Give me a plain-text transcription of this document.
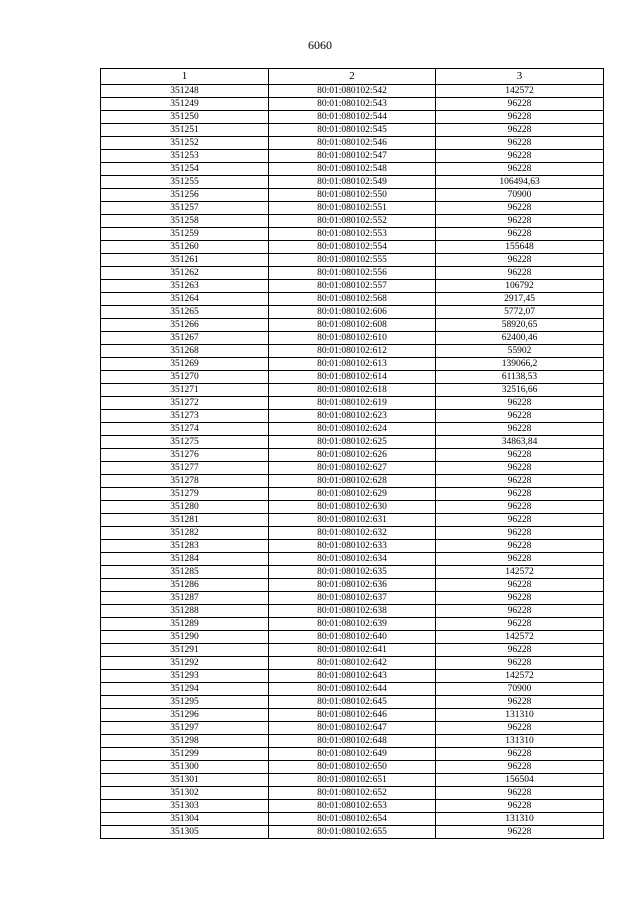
6060
1	2	3
351248	80:01:080102:542	142572
351249	80:01:080102:543	96228
351250	80:01:080102:544	96228
351251	80:01:080102:545	96228
351252	80:01:080102:546	96228
351253	80:01:080102:547	96228
351254	80:01:080102:548	96228
351255	80:01:080102:549	106494,63
351256	80:01:080102:550	70900
351257	80:01:080102:551	96228
351258	80:01:080102:552	96228
351259	80:01:080102:553	96228
351260	80:01:080102:554	155648
351261	80:01:080102:555	96228
351262	80:01:080102:556	96228
351263	80:01:080102:557	106792
351264	80:01:080102:568	2917,45
351265	80:01:080102:606	5772,07
351266	80:01:080102:608	58920,65
351267	80:01:080102:610	62400,46
351268	80:01:080102:612	55902
351269	80:01:080102:613	139066,2
351270	80:01:080102:614	61138,53
351271	80:01:080102:618	32516,66
351272	80:01:080102:619	96228
351273	80:01:080102:623	96228
351274	80:01:080102:624	96228
351275	80:01:080102:625	34863,84
351276	80:01:080102:626	96228
351277	80:01:080102:627	96228
351278	80:01:080102:628	96228
351279	80:01:080102:629	96228
351280	80:01:080102:630	96228
351281	80:01:080102:631	96228
351282	80:01:080102:632	96228
351283	80:01:080102:633	96228
351284	80:01:080102:634	96228
351285	80:01:080102:635	142572
351286	80:01:080102:636	96228
351287	80:01:080102:637	96228
351288	80:01:080102:638	96228
351289	80:01:080102:639	96228
351290	80:01:080102:640	142572
351291	80:01:080102:641	96228
351292	80:01:080102:642	96228
351293	80:01:080102:643	142572
351294	80:01:080102:644	70900
351295	80:01:080102:645	96228
351296	80:01:080102:646	131310
351297	80:01:080102:647	96228
351298	80:01:080102:648	131310
351299	80:01:080102:649	96228
351300	80:01:080102:650	96228
351301	80:01:080102:651	156504
351302	80:01:080102:652	96228
351303	80:01:080102:653	96228
351304	80:01:080102:654	131310
351305	80:01:080102:655	96228
